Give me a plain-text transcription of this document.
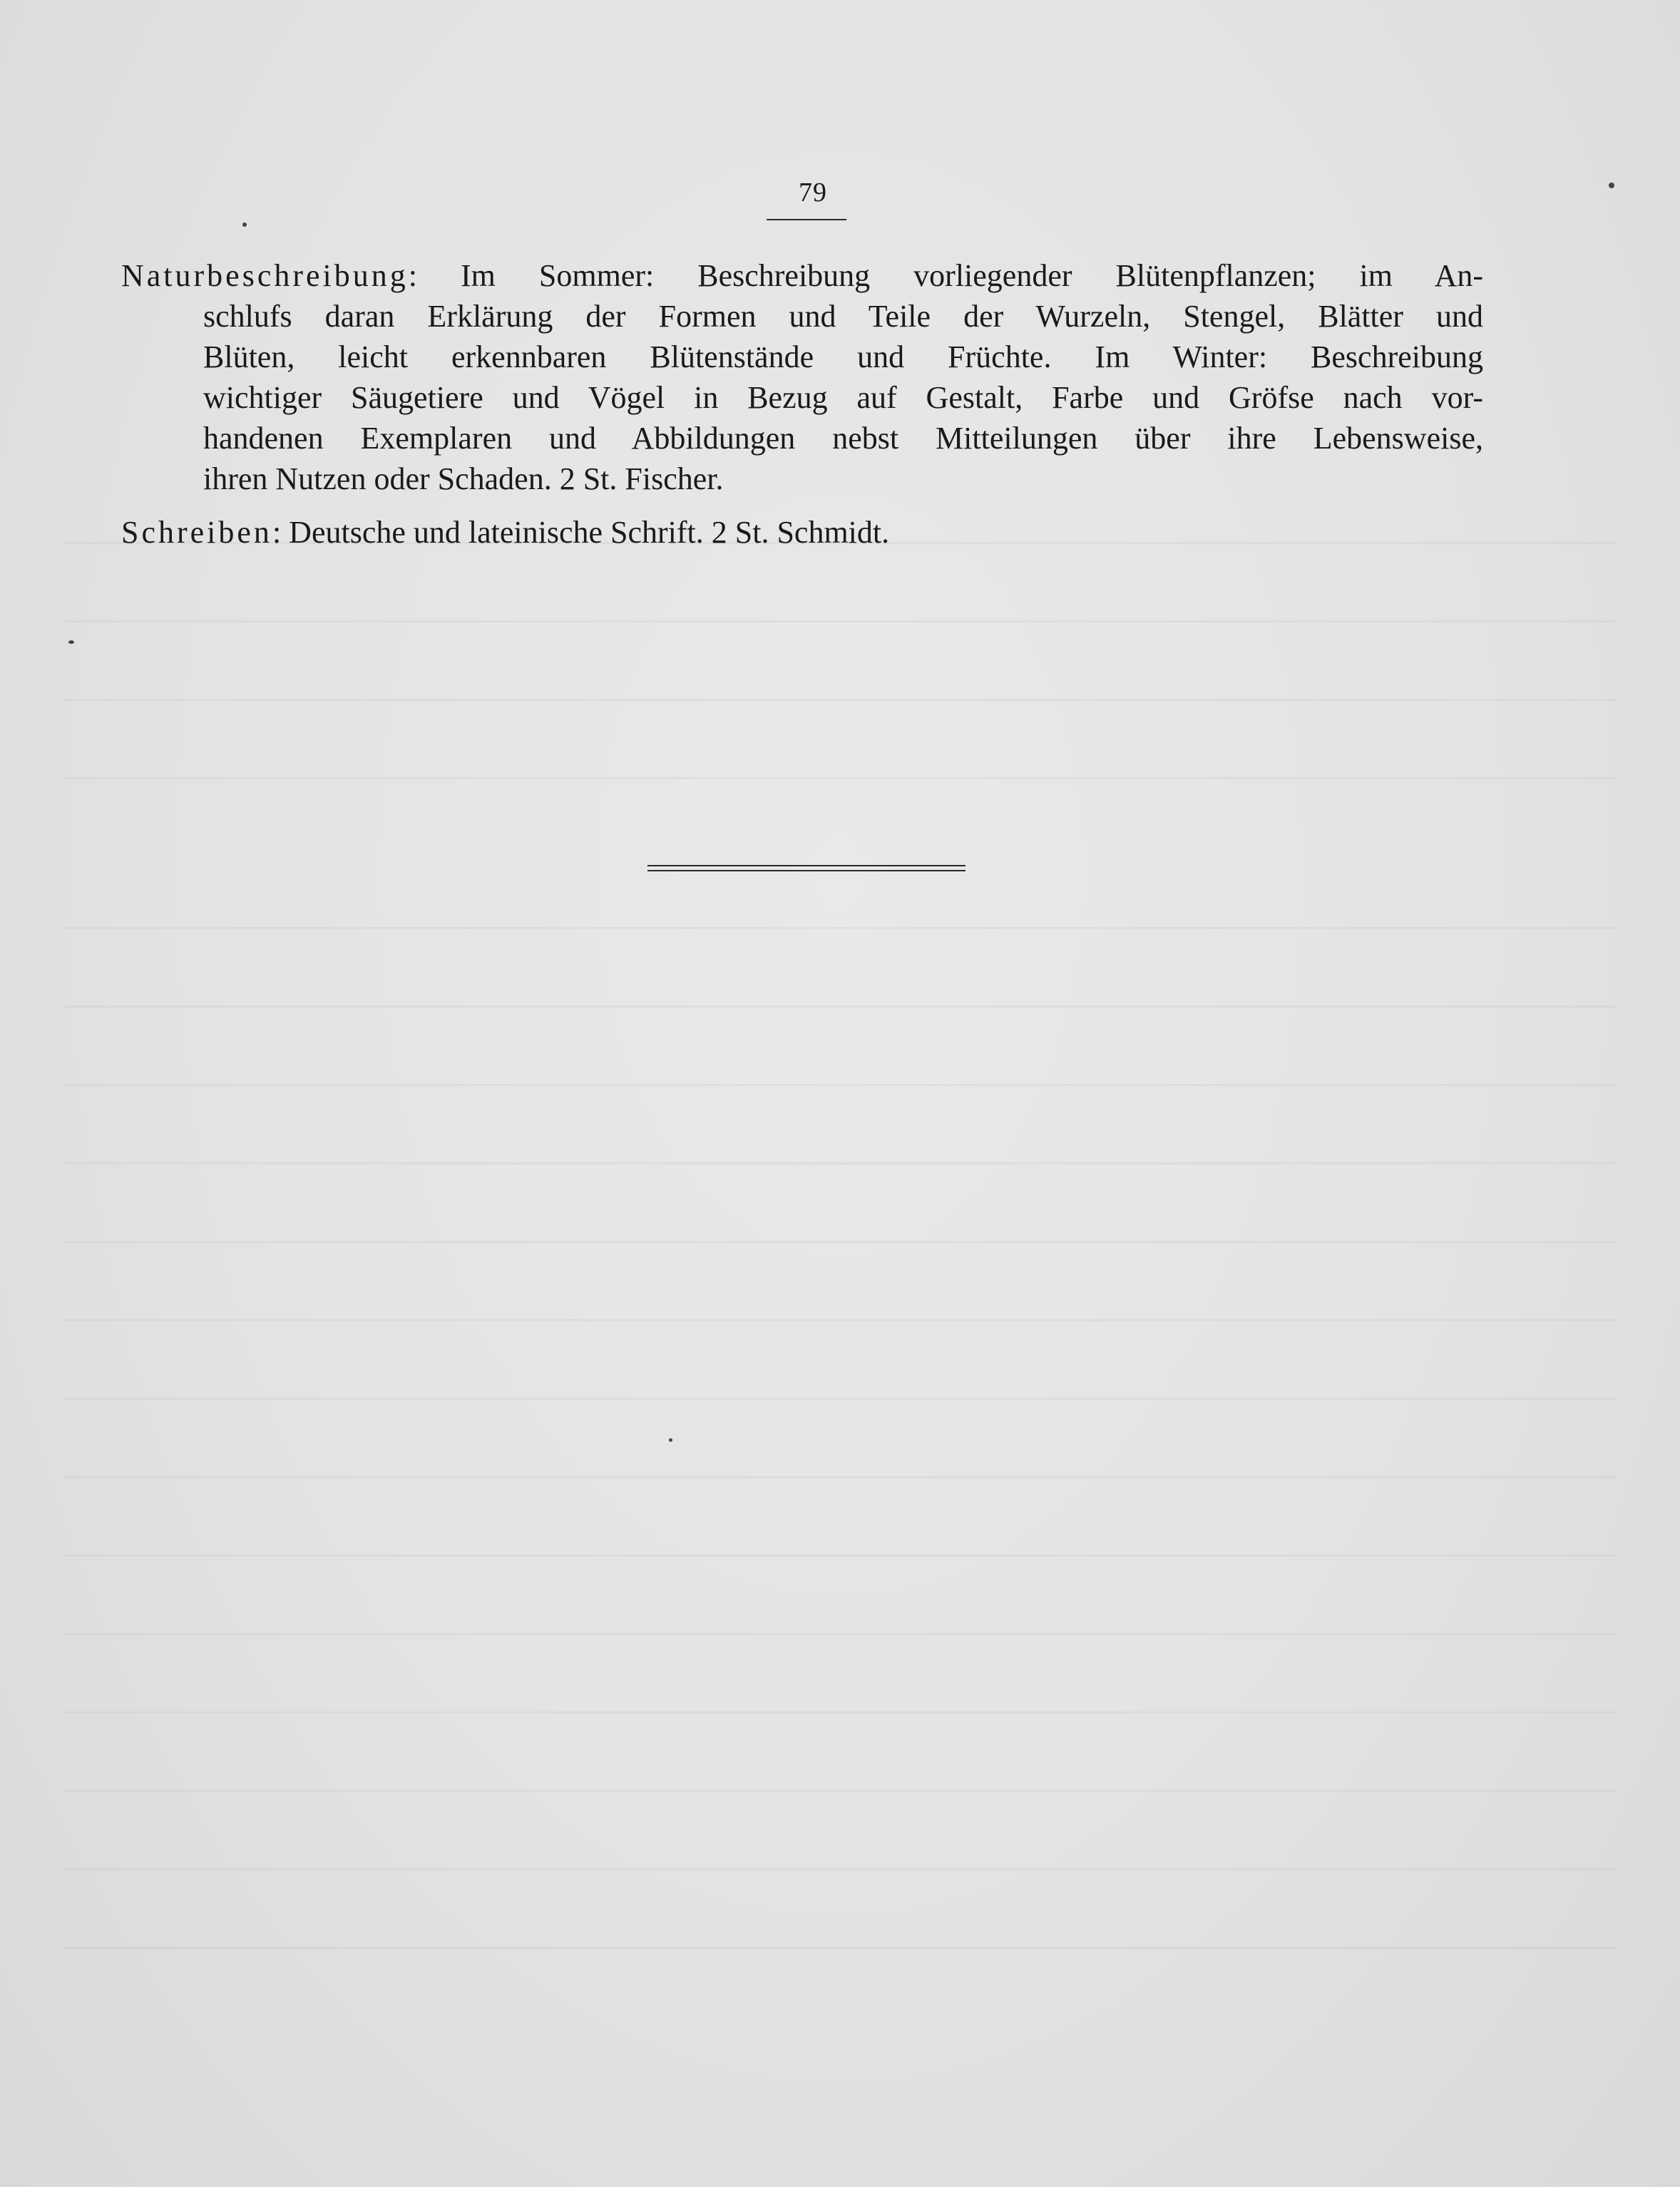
79
Naturbeschreibung: Im Sommer: Beschreibung vorliegender Blütenpflanzen; im An-
schlufs daran Erklärung der Formen und Teile der Wurzeln, Stengel, Blätter und
Blüten, leicht erkennbaren Blütenstände und Früchte. Im Winter: Beschreibung
wichtiger Säugetiere und Vögel in Bezug auf Gestalt, Farbe und Gröfse nach vor-
handenen Exemplaren und Abbildungen nebst Mitteilungen über ihre Lebensweise,
ihren Nutzen oder Schaden. 2 St. Fischer.
Schreiben: Deutsche und lateinische Schrift. 2 St. Schmidt.
